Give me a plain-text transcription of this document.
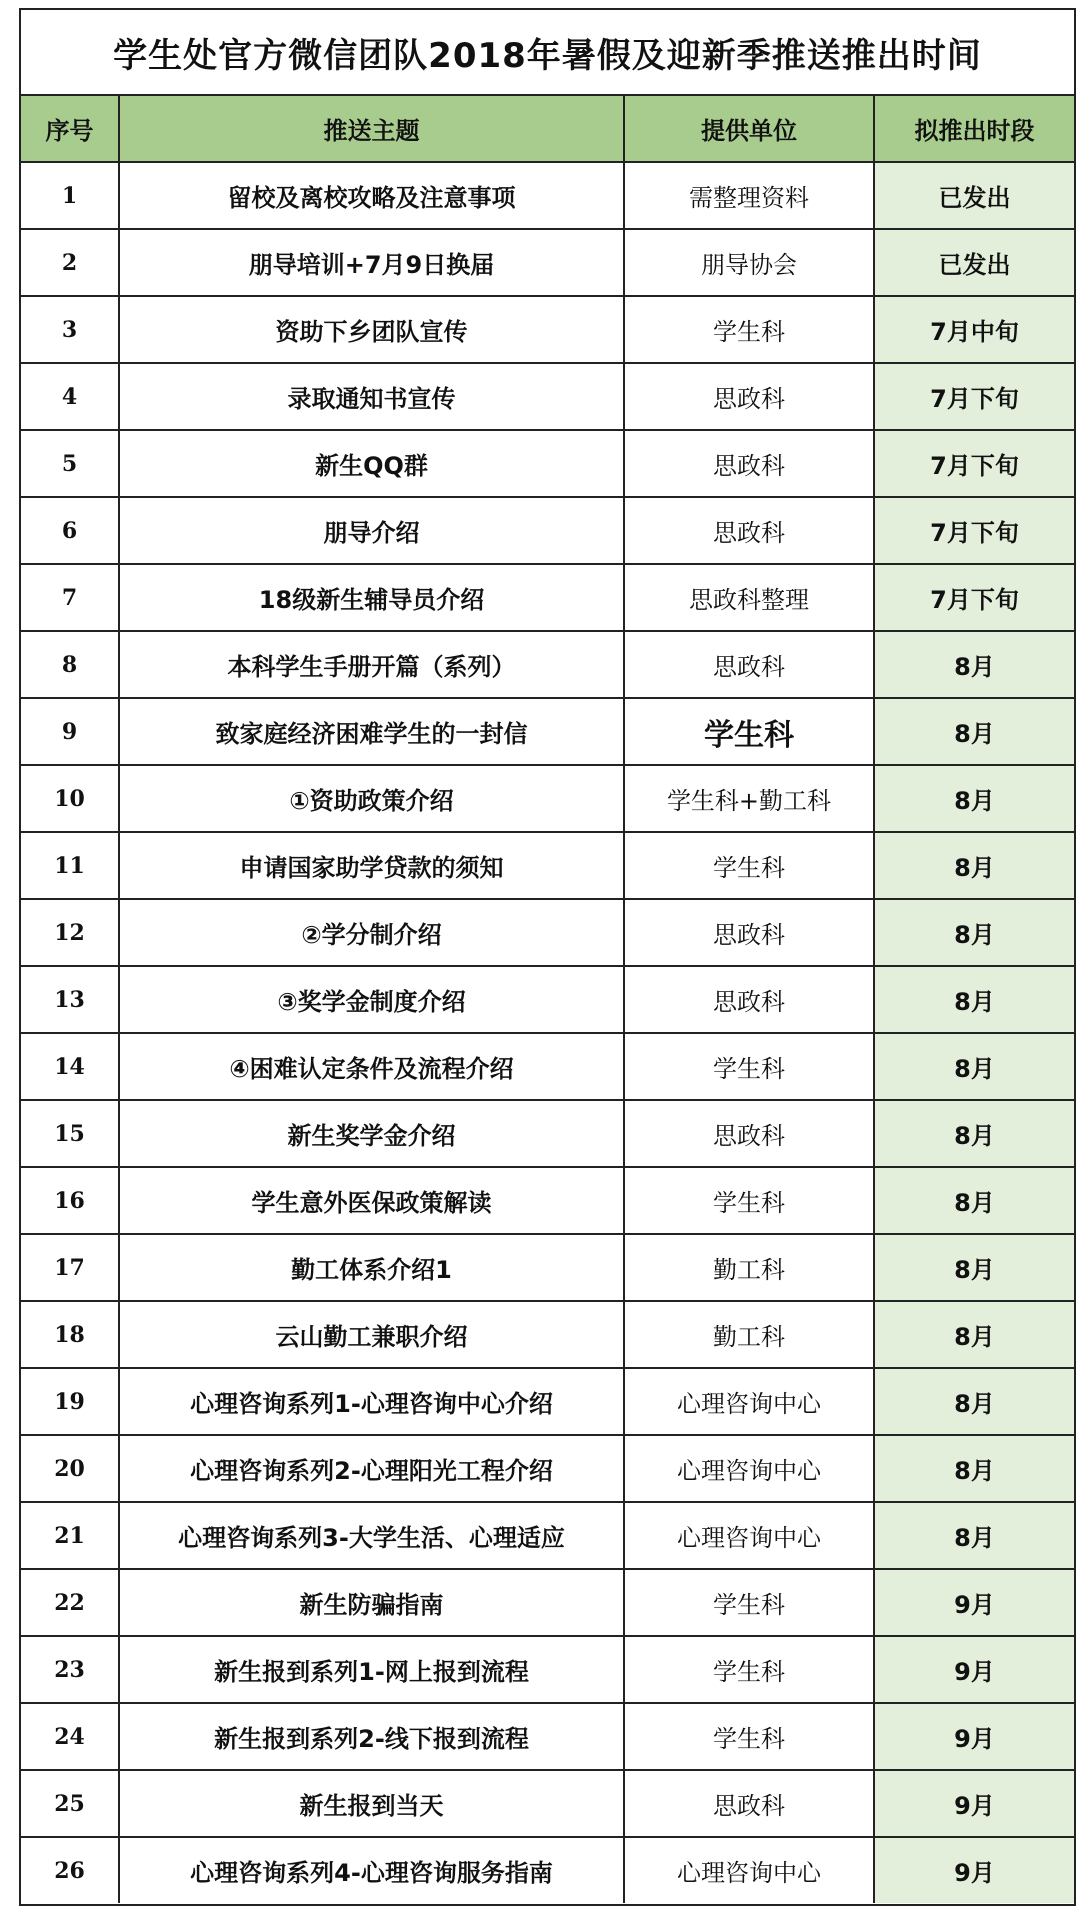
学生处官方微信团队2018年暑假及迎新季推送推出时间
序号	推送主题	提供单位	拟推出时段
1	留校及离校攻略及注意事项	需整理资料	已发出
2	朋导培训+7月9日换届	朋导协会	已发出
3	资助下乡团队宣传	学生科	7月中旬
4	录取通知书宣传	思政科	7月下旬
5	新生QQ群	思政科	7月下旬
6	朋导介绍	思政科	7月下旬
7	18级新生辅导员介绍	思政科整理	7月下旬
8	本科学生手册开篇（系列）	思政科	8月
9	致家庭经济困难学生的一封信	学生科	8月
10	①资助政策介绍	学生科+勤工科	8月
11	申请国家助学贷款的须知	学生科	8月
12	②学分制介绍	思政科	8月
13	③奖学金制度介绍	思政科	8月
14	④困难认定条件及流程介绍	学生科	8月
15	新生奖学金介绍	思政科	8月
16	学生意外医保政策解读	学生科	8月
17	勤工体系介绍1	勤工科	8月
18	云山勤工兼职介绍	勤工科	8月
19	心理咨询系列1-心理咨询中心介绍	心理咨询中心	8月
20	心理咨询系列2-心理阳光工程介绍	心理咨询中心	8月
21	心理咨询系列3-大学生活、心理适应	心理咨询中心	8月
22	新生防骗指南	学生科	9月
23	新生报到系列1-网上报到流程	学生科	9月
24	新生报到系列2-线下报到流程	学生科	9月
25	新生报到当天	思政科	9月
26	心理咨询系列4-心理咨询服务指南	心理咨询中心	9月
